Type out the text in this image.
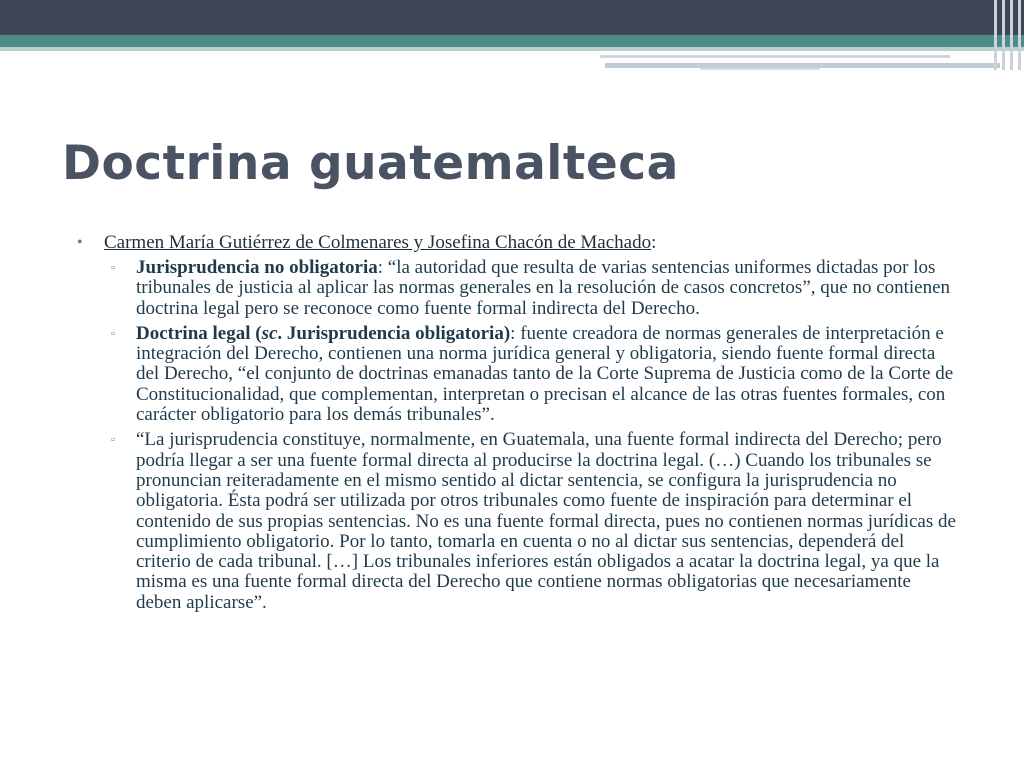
Doctrina guatemalteca
•	Carmen María Gutiérrez de Colmenares y Josefina Chacón de Machado:
▫	Jurisprudencia no obligatoria: “la autoridad que resulta de varias sentencias uniformes dictadas por los tribunales de justicia al aplicar las normas generales en la resolución de casos concretos”, que no contienen doctrina legal pero se reconoce como fuente formal indirecta del Derecho.
▫	Doctrina legal (sc. Jurisprudencia obligatoria): fuente creadora de normas generales de interpretación e integración del Derecho, contienen una norma jurídica general y obligatoria, siendo fuente formal directa del Derecho, “el conjunto de doctrinas emanadas tanto de la Corte Suprema de Justicia como de la Corte de Constitucionalidad, que complementan, interpretan o precisan el alcance de las otras fuentes formales, con carácter obligatorio para los demás tribunales”.
▫	“La jurisprudencia constituye, normalmente, en Guatemala, una fuente formal indirecta del Derecho; pero podría llegar a ser una fuente formal directa al producirse la doctrina legal. (…) Cuando los tribunales se pronuncian reiteradamente en el mismo sentido al dictar sentencia, se configura la jurisprudencia no obligatoria. Ésta podrá ser utilizada por otros tribunales como fuente de inspiración para determinar el contenido de sus propias sentencias. No es una fuente formal directa, pues no contienen normas jurídicas de cumplimiento obligatorio. Por lo tanto, tomarla en cuenta o no al dictar sus sentencias, dependerá del criterio de cada tribunal. […] Los tribunales inferiores están obligados a acatar la doctrina legal, ya que la misma es una fuente formal directa del Derecho que contiene normas obligatorias que necesariamente deben aplicarse”.
